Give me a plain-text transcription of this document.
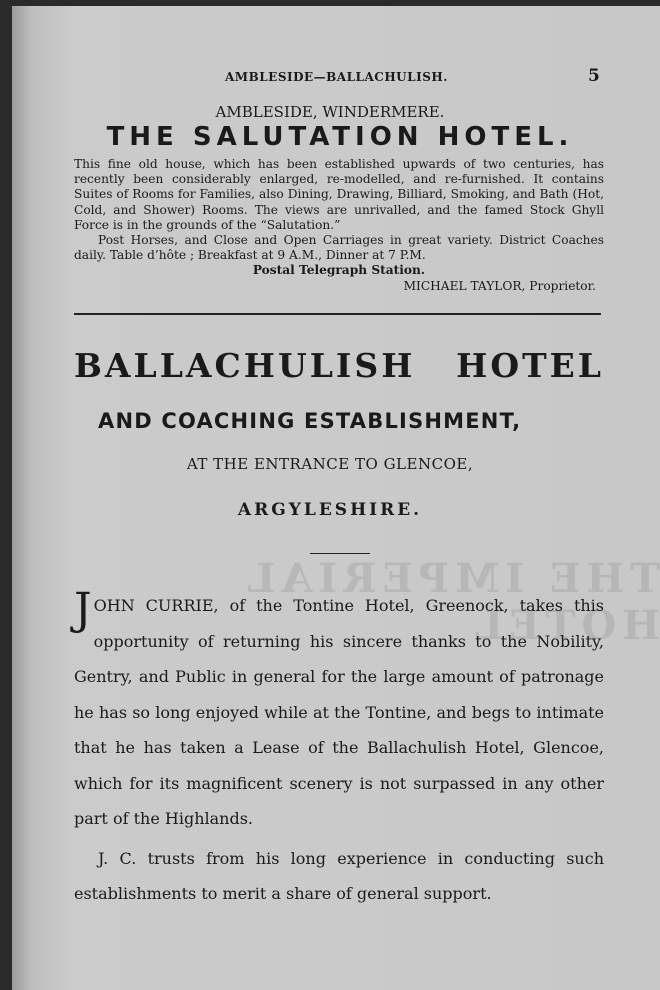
THE IMPERIAL HOTEL
AMBLESIDE—BALLACHULISH.	5
AMBLESIDE, WINDERMERE.
THE SALUTATION HOTEL.

This fine old house, which has been established upwards of two centuries, has recently been considerably enlarged, re-modelled, and re-furnished. It contains Suites of Rooms for Families, also Dining, Drawing, Billiard, Smoking, and Bath (Hot, Cold, and Shower) Rooms. The views are unrivalled, and the famed Stock Ghyll Force is in the grounds of the “Salutation.”

Post Horses, and Close and Open Carriages in great variety. District Coaches daily. Table d’hôte ; Breakfast at 9 A.M., Dinner at 7 P.M.

Postal Telegraph Station.

MICHAEL TAYLOR, Proprietor.

BALLACHULISH HOTEL
AND COACHING ESTABLISHMENT,
AT THE ENTRANCE TO GLENCOE,
ARGYLESHIRE.

JOHN CURRIE, of the Tontine Hotel, Greenock, takes this opportunity of returning his sincere thanks to the Nobility, Gentry, and Public in general for the large amount of patronage he has so long enjoyed while at the Tontine, and begs to intimate that he has taken a Lease of the Ballachulish Hotel, Glencoe, which for its magnificent scenery is not surpassed in any other part of the Highlands.

J. C. trusts from his long experience in conducting such establishments to merit a share of general support.
